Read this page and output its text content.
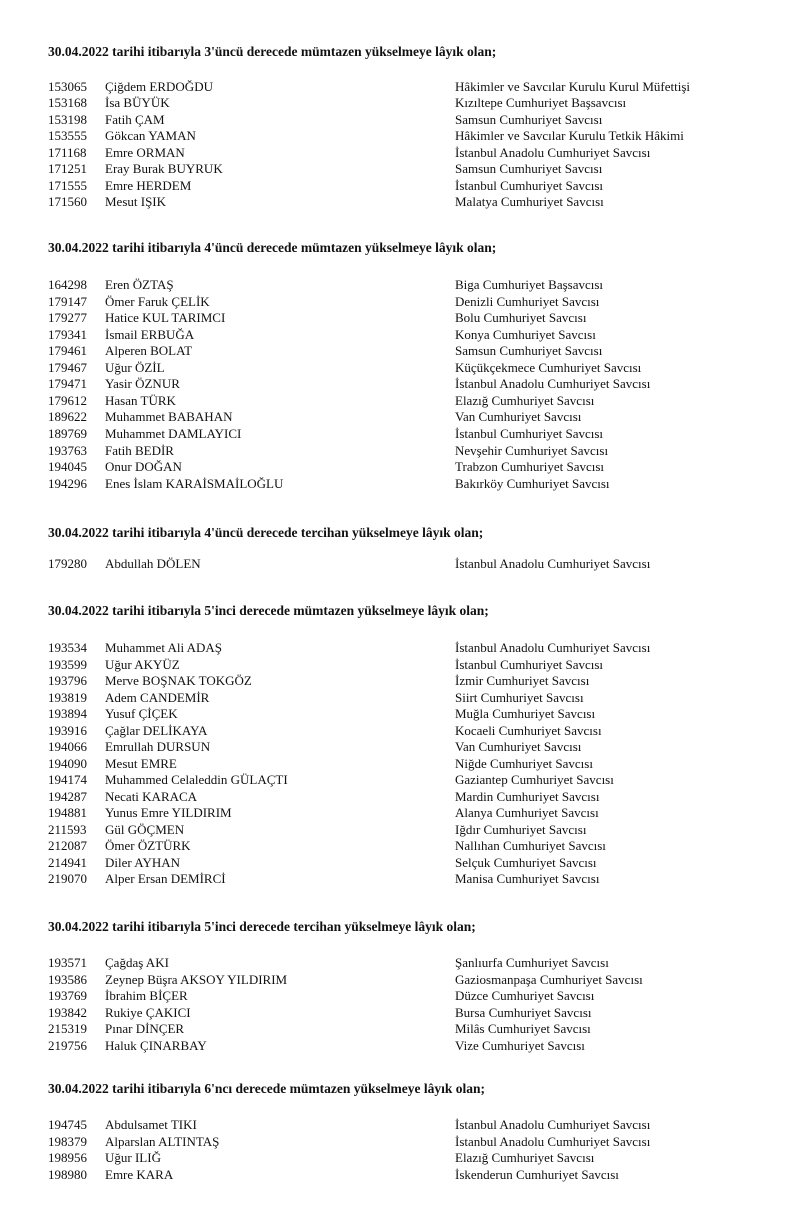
30.04.2022 tarihi itibarıyla 3'üncü derecede mümtazen yükselmeye lâyık olan;
153065 Çiğdem ERDOĞDU	Hâkimler ve Savcılar Kurulu Kurul Müfettişi
153168 İsa BÜYÜK	Kızıltepe Cumhuriyet Başsavcısı
153198 Fatih ÇAM	Samsun Cumhuriyet Savcısı
153555 Gökcan YAMAN	Hâkimler ve Savcılar Kurulu Tetkik Hâkimi
171168 Emre ORMAN	İstanbul Anadolu Cumhuriyet Savcısı
171251 Eray Burak BUYRUK	Samsun Cumhuriyet Savcısı
171555 Emre HERDEM	İstanbul Cumhuriyet Savcısı
171560 Mesut IŞIK	Malatya Cumhuriyet Savcısı
30.04.2022 tarihi itibarıyla 4'üncü derecede mümtazen yükselmeye lâyık olan;
164298 Eren ÖZTAŞ	Biga Cumhuriyet Başsavcısı
179147 Ömer Faruk ÇELİK	Denizli Cumhuriyet Savcısı
179277 Hatice KUL TARIMCI	Bolu Cumhuriyet Savcısı
179341 İsmail ERBUĞA	Konya Cumhuriyet Savcısı
179461 Alperen BOLAT	Samsun Cumhuriyet Savcısı
179467 Uğur ÖZİL	Küçükçekmece Cumhuriyet Savcısı
179471 Yasir ÖZNUR	İstanbul Anadolu Cumhuriyet Savcısı
179612 Hasan TÜRK	Elazığ Cumhuriyet Savcısı
189622 Muhammet BABAHAN	Van Cumhuriyet Savcısı
189769 Muhammet DAMLAYICI	İstanbul Cumhuriyet Savcısı
193763 Fatih BEDİR	Nevşehir Cumhuriyet Savcısı
194045 Onur DOĞAN	Trabzon Cumhuriyet Savcısı
194296 Enes İslam KARAİSMAİLOĞLU	Bakırköy Cumhuriyet Savcısı
30.04.2022 tarihi itibarıyla 4'üncü derecede tercihan yükselmeye lâyık olan;
179280 Abdullah DÖLEN	İstanbul Anadolu Cumhuriyet Savcısı
30.04.2022 tarihi itibarıyla 5'inci derecede mümtazen yükselmeye lâyık olan;
193534 Muhammet Ali ADAŞ	İstanbul Anadolu Cumhuriyet Savcısı
193599 Uğur AKYÜZ	İstanbul Cumhuriyet Savcısı
193796 Merve BOŞNAK TOKGÖZ	İzmir Cumhuriyet Savcısı
193819 Adem CANDEMİR	Siirt Cumhuriyet Savcısı
193894 Yusuf ÇİÇEK	Muğla Cumhuriyet Savcısı
193916 Çağlar DELİKAYA	Kocaeli Cumhuriyet Savcısı
194066 Emrullah DURSUN	Van Cumhuriyet Savcısı
194090 Mesut EMRE	Niğde Cumhuriyet Savcısı
194174 Muhammed Celaleddin GÜLAÇTI	Gaziantep Cumhuriyet Savcısı
194287 Necati KARACA	Mardin Cumhuriyet Savcısı
194881 Yunus Emre YILDIRIM	Alanya Cumhuriyet Savcısı
211593 Gül GÖÇMEN	Iğdır Cumhuriyet Savcısı
212087 Ömer ÖZTÜRK	Nallıhan Cumhuriyet Savcısı
214941 Diler AYHAN	Selçuk Cumhuriyet Savcısı
219070 Alper Ersan DEMİRCİ	Manisa Cumhuriyet Savcısı
30.04.2022 tarihi itibarıyla 5'inci derecede tercihan yükselmeye lâyık olan;
193571 Çağdaş AKI	Şanlıurfa Cumhuriyet Savcısı
193586 Zeynep Büşra AKSOY YILDIRIM	Gaziosmanpaşa Cumhuriyet Savcısı
193769 İbrahim BİÇER	Düzce Cumhuriyet Savcısı
193842 Rukiye ÇAKICI	Bursa Cumhuriyet Savcısı
215319 Pınar DİNÇER	Milâs Cumhuriyet Savcısı
219756 Haluk ÇINARBAY	Vize Cumhuriyet Savcısı
30.04.2022 tarihi itibarıyla 6'ncı derecede mümtazen yükselmeye lâyık olan;
194745 Abdulsamet TIKI	İstanbul Anadolu Cumhuriyet Savcısı
198379 Alparslan ALTINTAŞ	İstanbul Anadolu Cumhuriyet Savcısı
198956 Uğur ILIĞ	Elazığ Cumhuriyet Savcısı
198980 Emre KARA	İskenderun Cumhuriyet Savcısı
